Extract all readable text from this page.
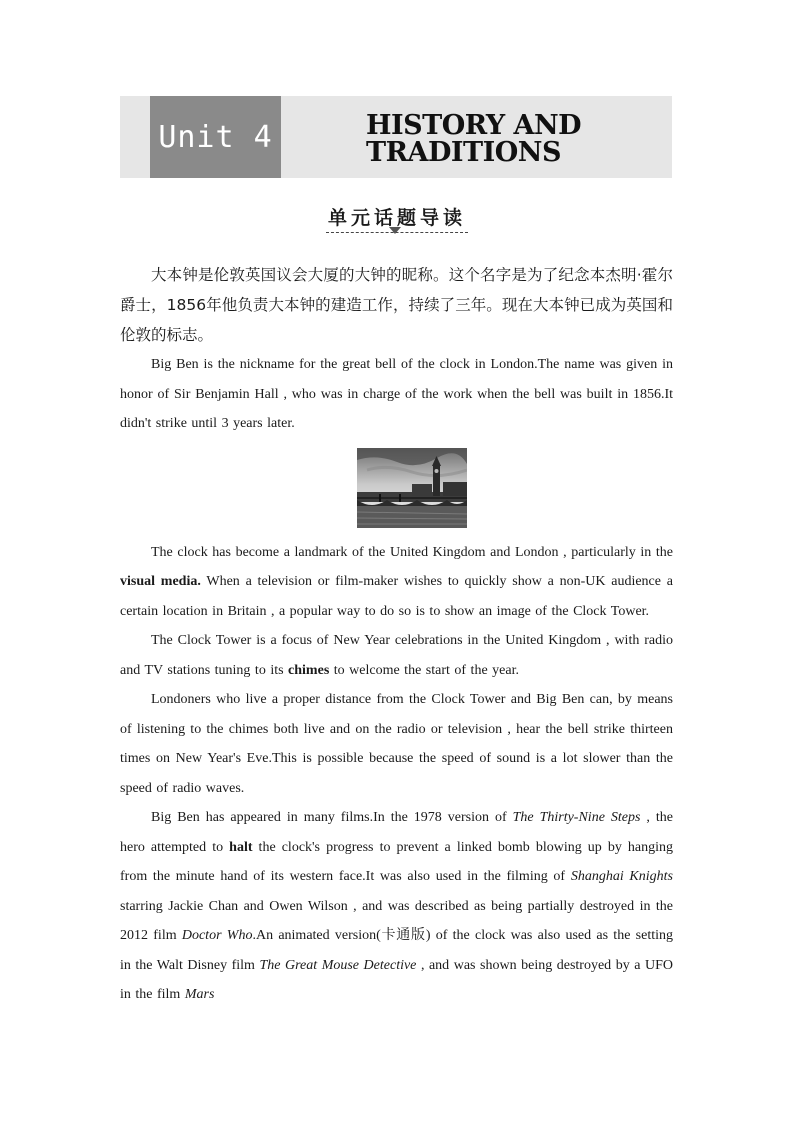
Unit 4	HISTORY AND
TRADITIONS
单元话题导读

大本钟是伦敦英国议会大厦的大钟的昵称。这个名字是为了纪念本杰明·霍尔爵士，1856年他负责大本钟的建造工作，持续了三年。现在大本钟已成为英国和伦敦的标志。

Big Ben is the nickname for the great bell of the clock in London.The name was given in honor of Sir Benjamin Hall , who was in charge of the work when the bell was built in 1856.It didn't strike until 3 years later.

The clock has become a landmark of the United Kingdom and London , particularly in the visual media. When a television or film-maker wishes to quickly show a non-UK audience a certain location in Britain , a popular way to do so is to show an image of the Clock Tower.

The Clock Tower is a focus of New Year celebrations in the United Kingdom , with radio and TV stations tuning to its chimes to welcome the start of the year.

Londoners who live a proper distance from the Clock Tower and Big Ben can, by means of listening to the chimes both live and on the radio or television , hear the bell strike thirteen times on New Year's Eve.This is possible because the speed of sound is a lot slower than the speed of radio waves.

Big Ben has appeared in many films.In the 1978 version of The Thirty-Nine Steps , the hero attempted to halt the clock's progress to prevent a linked bomb blowing up by hanging from the minute hand of its western face.It was also used in the filming of Shanghai Knights starring Jackie Chan and Owen Wilson , and was described as being partially destroyed in the 2012 film Doctor Who.An animated version(卡通版) of the clock was also used as the setting in the Walt Disney film The Great Mouse Detective , and was shown being destroyed by a UFO in the film Mars
